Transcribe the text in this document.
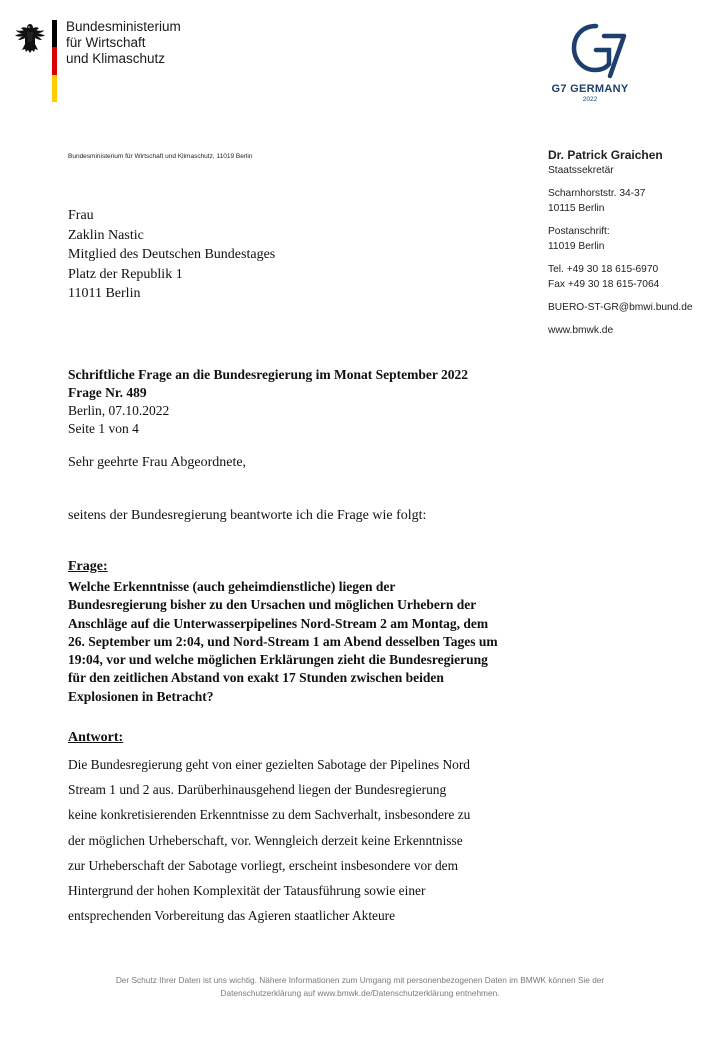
Bundesministerium
für Wirtschaft
und Klimaschutz
G7 GERMANY
2022
Bundesministerium für Wirtschaft und Klimaschutz, 11019 Berlin
Frau
Zaklin Nastic
Mitglied des Deutschen Bundestages
Platz der Republik 1
11011 Berlin
Dr. Patrick Graichen
Staatssekretär
Scharnhorststr. 34-37
10115 Berlin
Postanschrift:
11019 Berlin
Tel. +49 30 18 615-6970
Fax +49 30 18 615-7064
BUERO-ST-GR@bmwi.bund.de
www.bmwk.de
Schriftliche Frage an die Bundesregierung im Monat September 2022
Frage Nr. 489
Berlin, 07.10.2022
Seite 1 von 4
Sehr geehrte Frau Abgeordnete,
seitens der Bundesregierung beantworte ich die Frage wie folgt:
Frage:
Welche Erkenntnisse (auch geheimdienstliche) liegen der
Bundesregierung bisher zu den Ursachen und möglichen Urhebern der
Anschläge auf die Unterwasserpipelines Nord-Stream 2 am Montag, dem
26. September um 2:04, und Nord-Stream 1 am Abend desselben Tages um
19:04, vor und welche möglichen Erklärungen zieht die Bundesregierung
für den zeitlichen Abstand von exakt 17 Stunden zwischen beiden
Explosionen in Betracht?
Antwort:
Die Bundesregierung geht von einer gezielten Sabotage der Pipelines Nord
Stream 1 und 2 aus. Darüberhinausgehend liegen der Bundesregierung
keine konkretisierenden Erkenntnisse zu dem Sachverhalt, insbesondere zu
der möglichen Urheberschaft, vor. Wenngleich derzeit keine Erkenntnisse
zur Urheberschaft der Sabotage vorliegt, erscheint insbesondere vor dem
Hintergrund der hohen Komplexität der Tatausführung sowie einer
entsprechenden Vorbereitung das Agieren staatlicher Akteure
Der Schutz Ihrer Daten ist uns wichtig. Nähere Informationen zum Umgang mit personenbezogenen Daten im BMWK können Sie der
Datenschutzerklärung auf www.bmwk.de/Datenschutzerklärung entnehmen.
